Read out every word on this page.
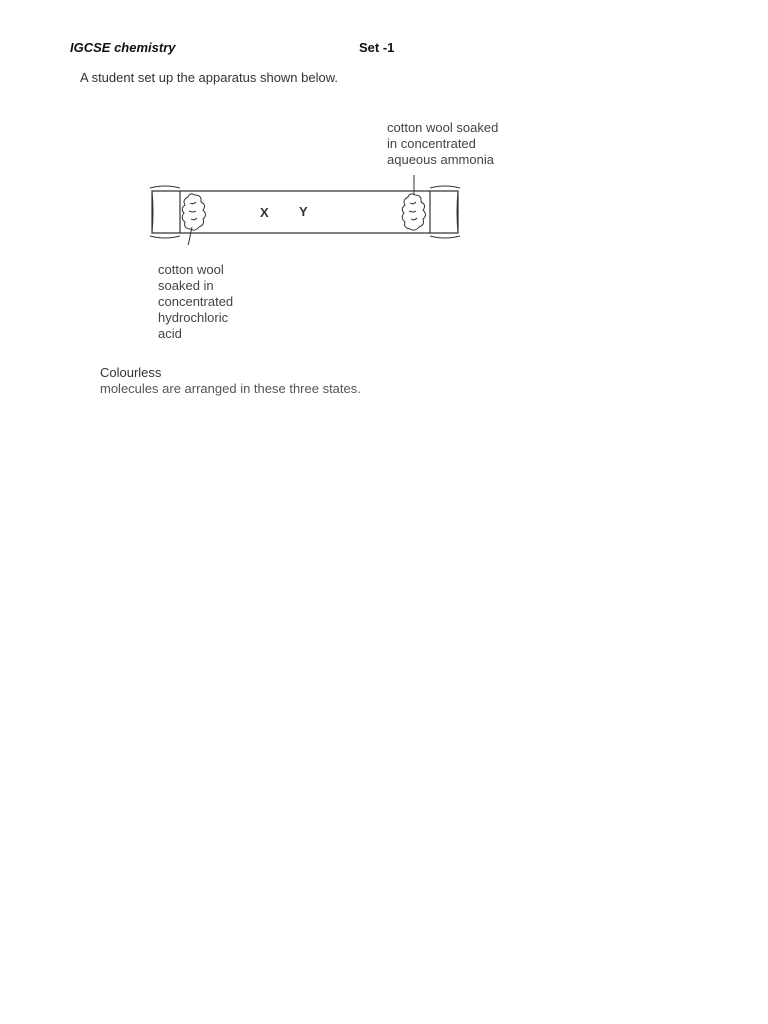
IGCSE chemistry	Set -1
A student set up the apparatus shown below.
X Y
cotton wool soaked
in concentrated
aqueous ammonia
cotton wool
soaked in
concentrated
hydrochloric
acid
Colourless
molecules are arranged in these three states.
